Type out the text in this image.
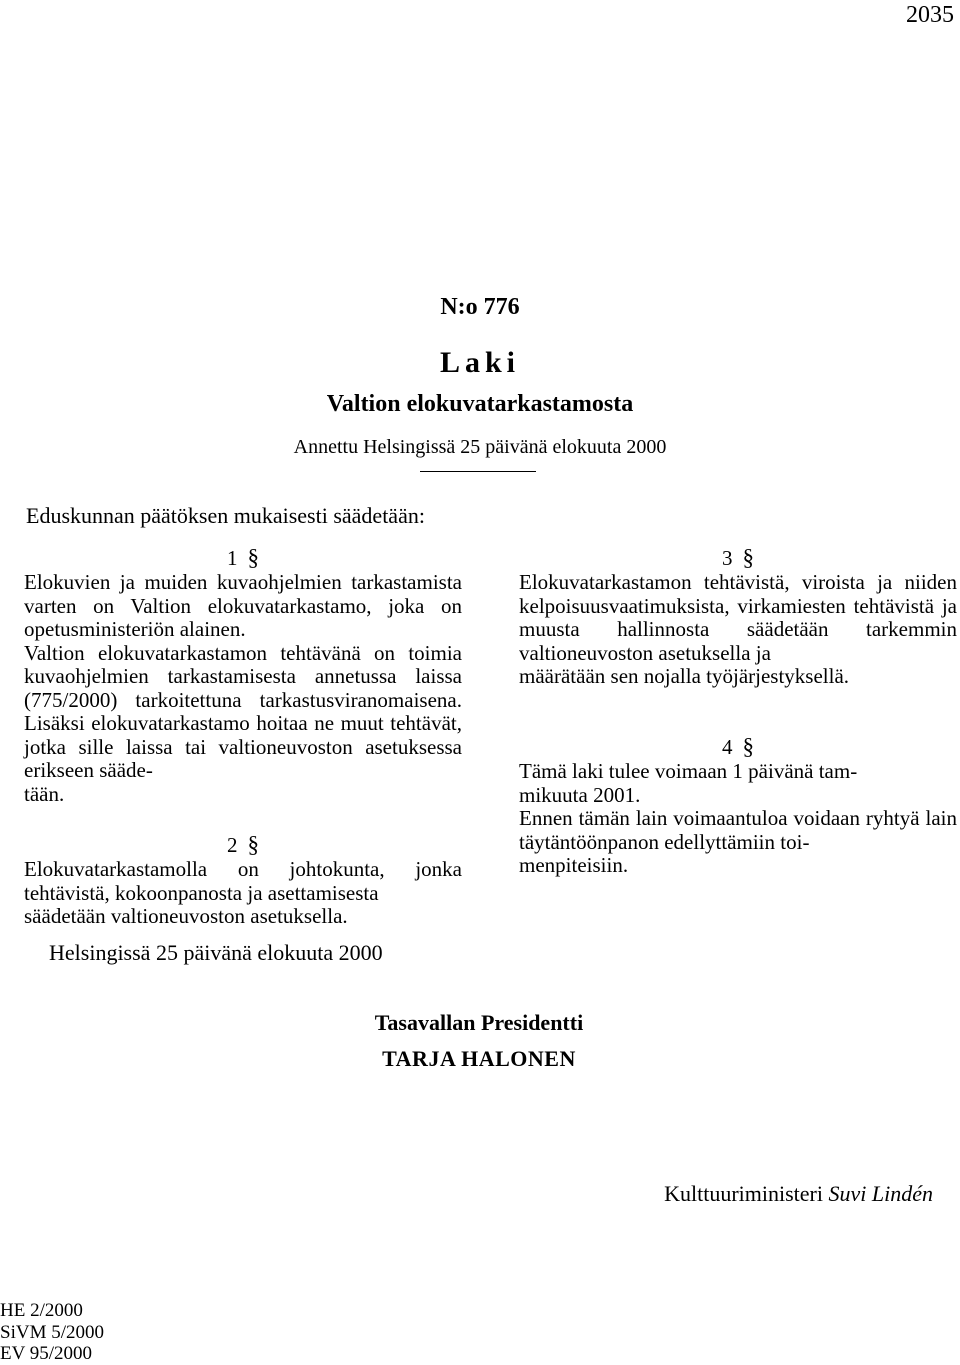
2035
N:o 776
Laki
Valtion elokuvatarkastamosta
Annettu Helsingissä 25 päivänä elokuuta 2000
Eduskunnan päätöksen mukaisesti säädetään:
1 §

Elokuvien ja muiden kuvaohjelmien tarkastamista varten on Valtion elokuvatarkastamo, joka on opetusministeriön alainen.

Valtion elokuvatarkastamon tehtävänä on toimia kuvaohjelmien tarkastamisesta annetussa laissa (775/2000) tarkoitettuna tarkastusviranomaisena. Lisäksi elokuvatarkastamo hoitaa ne muut tehtävät, jotka sille laissa tai valtioneuvoston asetuksessa erikseen sääde-

tään.

2 §

Elokuvatarkastamolla on johtokunta, jonka tehtävistä, kokoonpanosta ja asettamisesta

säädetään valtioneuvoston asetuksella.

3 §

Elokuvatarkastamon tehtävistä, viroista ja niiden kelpoisuusvaatimuksista, virkamiesten tehtävistä ja muusta hallinnosta säädetään tarkemmin valtioneuvoston asetuksella ja

määrätään sen nojalla työjärjestyksellä.

4 §

Tämä laki tulee voimaan 1 päivänä tam-

mikuuta 2001.

Ennen tämän lain voimaantuloa voidaan ryhtyä lain täytäntöönpanon edellyttämiin toi-

menpiteisiin.

Helsingissä 25 päivänä elokuuta 2000
Tasavallan Presidentti
TARJA HALONEN
Kulttuuriministeri Suvi Lindén
HE 2/2000
SiVM 5/2000
EV 95/2000
